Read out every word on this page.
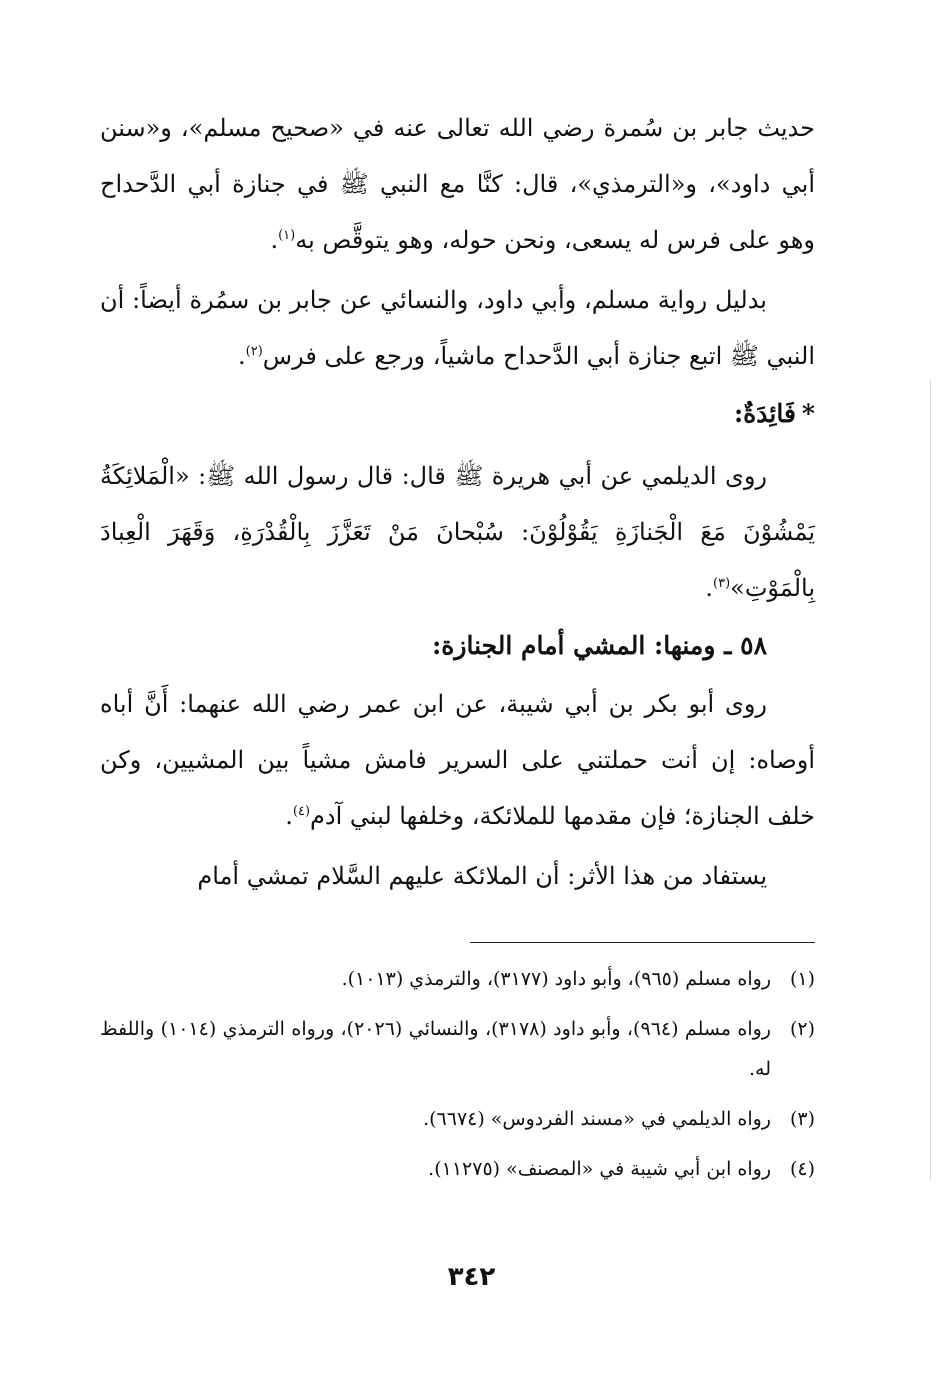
حديث جابر بن سُمرة رضي الله تعالى عنه في «صحيح مسلم»، و«سنن أبي داود»، و«الترمذي»، قال: كنَّا مع النبي ﷺ في جنازة أبي الدَّحداح وهو على فرس له يسعى، ونحن حوله، وهو يتوقَّص به$^{(١)}$.

بدليل رواية مسلم، وأبي داود، والنسائي عن جابر بن سمُرة أيضاً: أن النبي ﷺ اتبع جنازة أبي الدَّحداح ماشياً، ورجع على فرس$^{(٢)}$.

*فَائِدَةٌ:

روى الديلمي عن أبي هريرة ﷺ قال: قال رسول الله ﷺ: «الْمَلائِكَةُ يَمْشُوْنَ مَعَ الْجَنازَةِ يَقُوْلُوْنَ: سُبْحانَ مَنْ تَعَزَّزَ بِالْقُدْرَةِ، وَقَهَرَ الْعِبادَ بِالْمَوْتِ»$^{(٣)}$.

٥٨ ـ ومنها: المشي أمام الجنازة:

روى أبو بكر بن أبي شيبة، عن ابن عمر رضي الله عنهما: أَنَّ أباه أوصاه: إن أنت حملتني على السرير فامش مشياً بين المشيين، وكن خلف الجنازة؛ فإن مقدمها للملائكة، وخلفها لبني آدم$^{(٤)}$.

يستفاد من هذا الأثر: أن الملائكة عليهم السَّلام تمشي أمام

(١)
رواه مسلم (٩٦٥)، وأبو داود (٣١٧٧)، والترمذي (١٠١٣).
(٢)
رواه مسلم (٩٦٤)، وأبو داود (٣١٧٨)، والنسائي (٢٠٢٦)، ورواه الترمذي (١٠١٤) واللفظ له.
(٣)
رواه الديلمي في «مسند الفردوس» (٦٦٧٤).
(٤)
رواه ابن أبي شيبة في «المصنف» (١١٢٧٥).
٣٤٢
